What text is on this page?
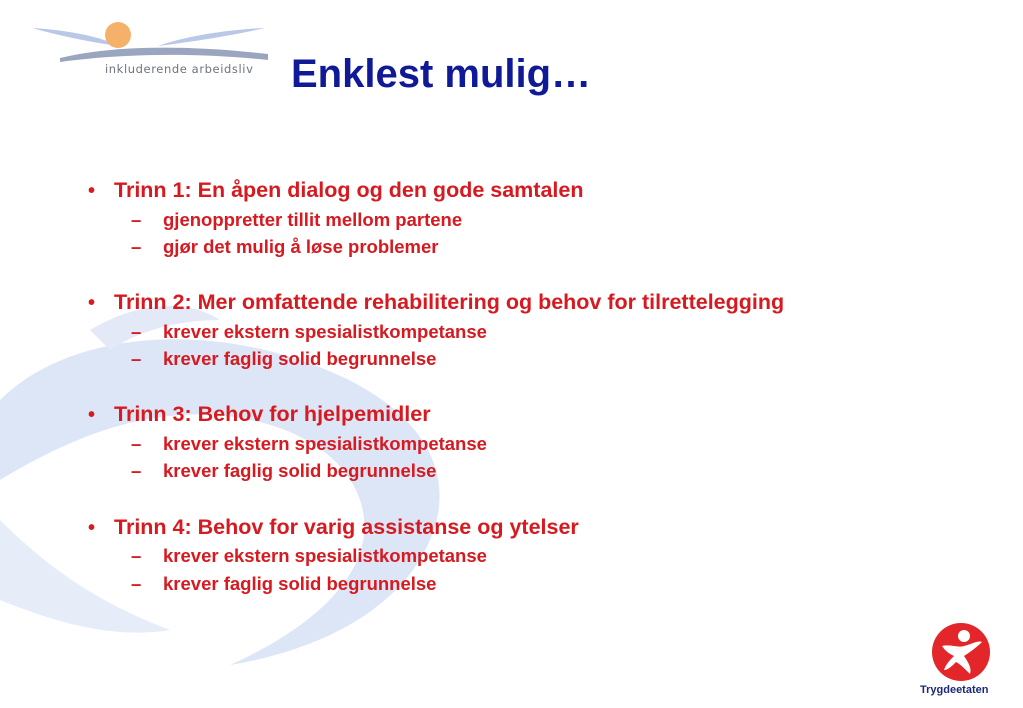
inkluderende arbeidsliv Enklest mulig…
• Trinn 1: En åpen dialog og den gode samtalen
–	gjenoppretter tillit mellom partene
–	gjør det mulig å løse problemer
• Trinn 2: Mer omfattende rehabilitering og behov for tilrettelegging
–	krever ekstern spesialistkompetanse
–	krever faglig solid begrunnelse
• Trinn 3: Behov for hjelpemidler
–	krever ekstern spesialistkompetanse
–	krever faglig solid begrunnelse
• Trinn 4: Behov for varig assistanse og ytelser
–	krever ekstern spesialistkompetanse
–	krever faglig solid begrunnelse
Trygdeetaten
